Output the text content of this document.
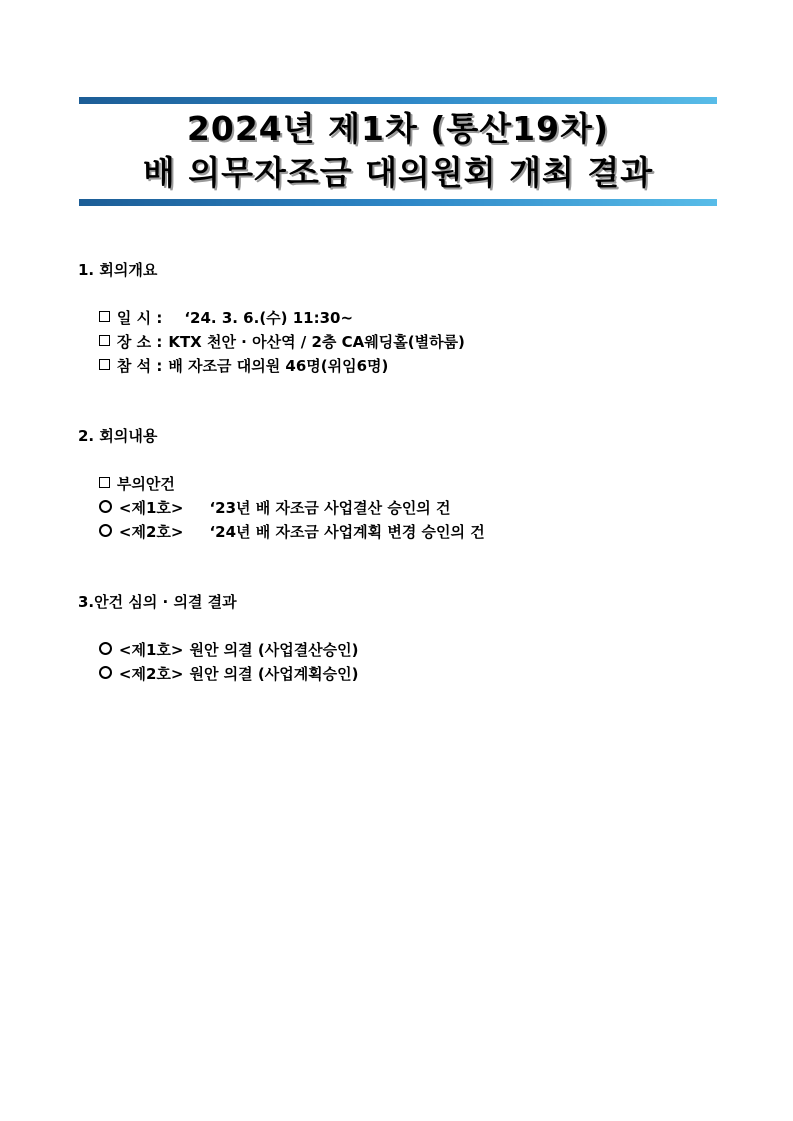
2024년 제1차 (통산19차)
배 의무자조금 대의원회 개최 결과
1. 회의개요

일 시 : ‘24. 3. 6.(수) 11:30~

장 소 : KTX 천안 · 아산역 / 2층 CA웨딩홀(별하룸)

참 석 : 배 자조금 대의원 46명(위임6명)

2. 회의내용

부의안건

<제1호> ‘23년 배 자조금 사업결산 승인의 건

<제2호> ‘24년 배 자조금 사업계획 변경 승인의 건

3.안건 심의 · 의결 결과

<제1호> 원안 의결 (사업결산승인)

<제2호> 원안 의결 (사업계획승인)
